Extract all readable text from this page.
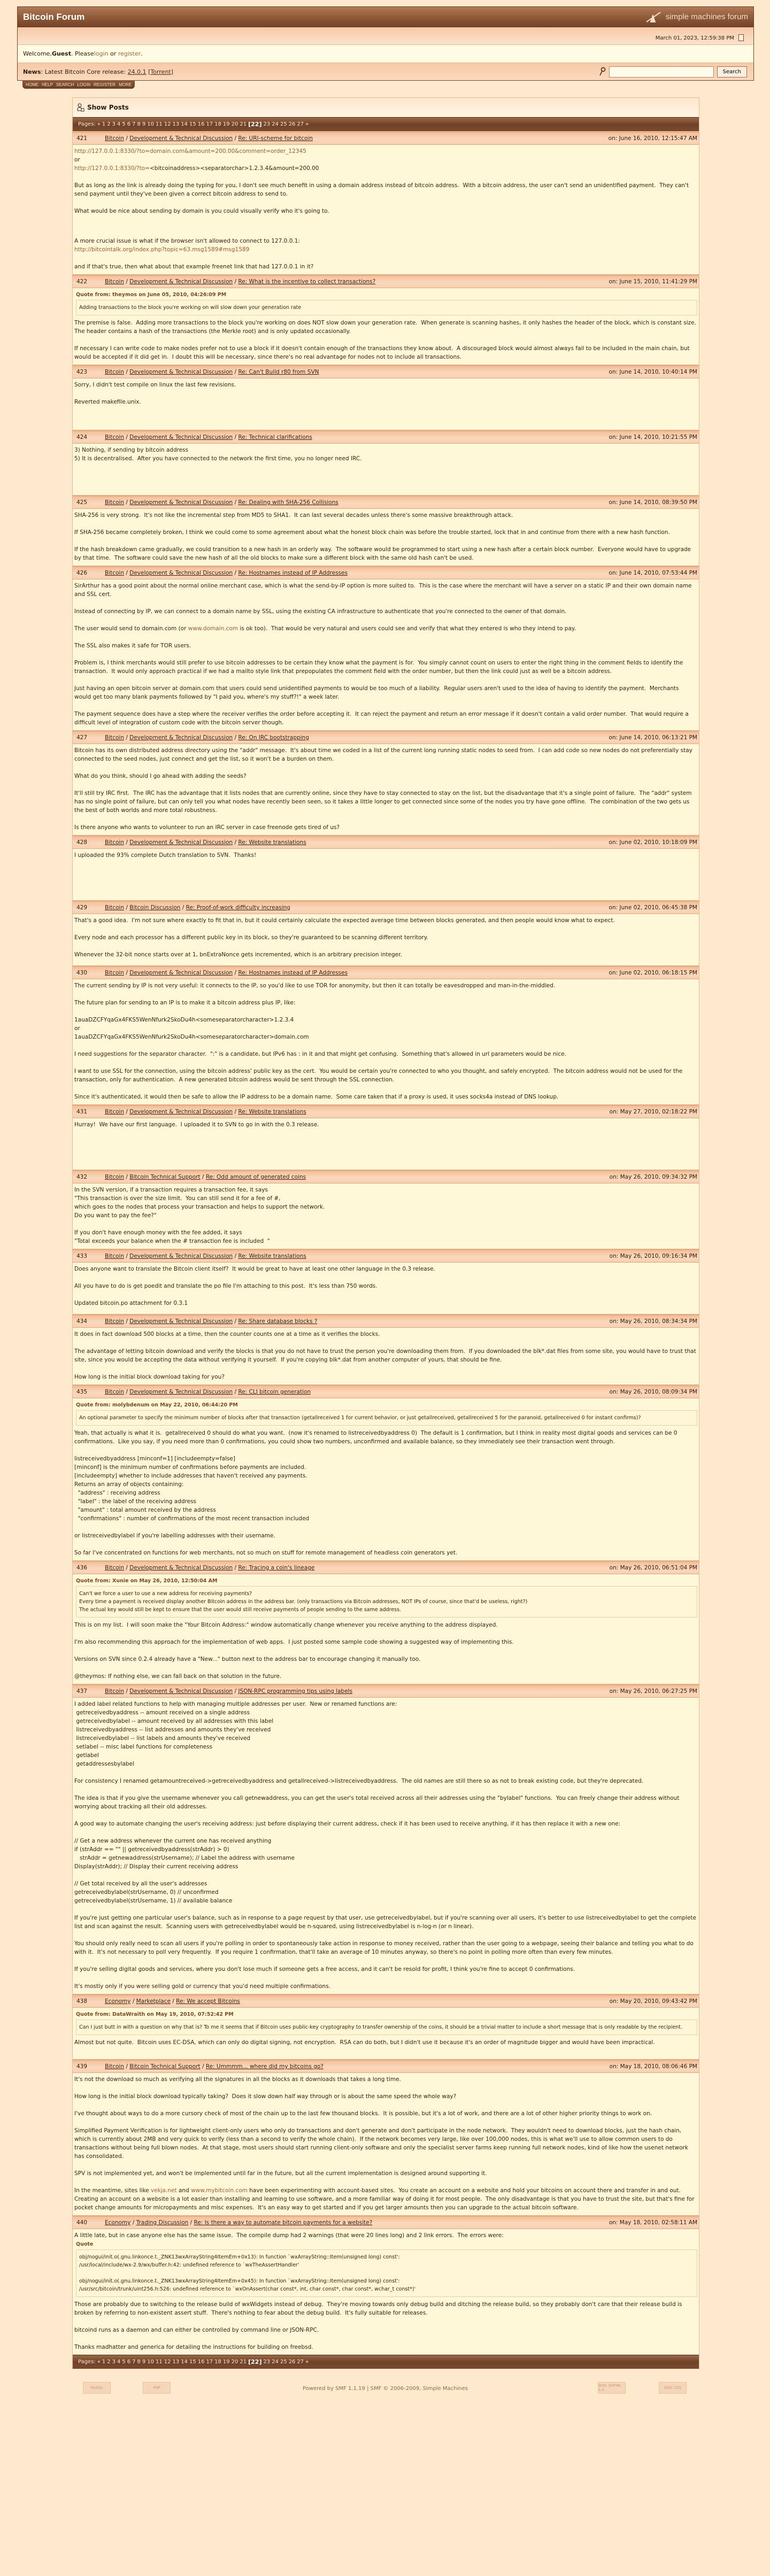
Bitcoin Forum	simple machines forum
March 01, 2023, 12:59:38 PM
Welcome, Guest . Please login or register .
News: Latest Bitcoin Core release: 24.0.1 [Torrent]	Search
HOME HELP SEARCH LOGIN REGISTER MORE
Show Posts
Pages: « 1 2 3 4 5 6 7 8 9 10 11 12 13 14 15 16 17 18 19 20 21 [22] 23 24 25 26 27 »
421	Bitcoin / Development & Technical Discussion / Re: URI-scheme for bitcoin	on: June 16, 2010, 12:15:47 AM

http://127.0.0.1:8330/?to=domain.com&amount=200.00&comment=order_12345
or
http://127.0.0.1:8330/?to=<bitcoinaddress><separatorchar>1.2.3.4&amount=200.00

But as long as the link is already doing the typing for you, I don't see much benefit in using a domain address instead of bitcoin address.  With a bitcoin address, the user can't send an unidentified payment.  They can't send payment until they've been given a correct bitcoin address to send to.

What would be nice about sending by domain is you could visually verify who it's going to.

A more crucial issue is what if the browser isn't allowed to connect to 127.0.0.1:
http://bitcointalk.org/index.php?topic=63.msg1589#msg1589

and if that's true, then what about that example freenet link that had 127.0.0.1 in it?

422	Bitcoin / Development & Technical Discussion / Re: What is the incentive to collect transactions?	on: June 15, 2010, 11:41:29 PM
Quote from: theymos on June 05, 2010, 04:26:09 PM
Adding transactions to the block you're working on will slow down your generation rate

The premise is false.  Adding more transactions to the block you're working on does NOT slow down your generation rate.  When generate is scanning hashes, it only hashes the header of the block, which is constant size.  The header contains a hash of the transactions (the Merkle root) and is only updated occasionally.

If necessary I can write code to make nodes prefer not to use a block if it doesn't contain enough of the transactions they know about.  A discouraged block would almost always fail to be included in the main chain, but would be accepted if it did get in.  I doubt this will be necessary, since there's no real advantage for nodes not to include all transactions.

423	Bitcoin / Development & Technical Discussion / Re: Can't Build r80 from SVN	on: June 14, 2010, 10:40:14 PM

Sorry, I didn't test compile on linux the last few revisions.

Reverted makefile.unix.

424	Bitcoin / Development & Technical Discussion / Re: Technical clarifications	on: June 14, 2010, 10:21:55 PM

3) Nothing, if sending by bitcoin address
5) It is decentralised.  After you have connected to the network the first time, you no longer need IRC.

425	Bitcoin / Development & Technical Discussion / Re: Dealing with SHA-256 Collisions	on: June 14, 2010, 08:39:50 PM

SHA-256 is very strong.  It's not like the incremental step from MD5 to SHA1.  It can last several decades unless there's some massive breakthrough attack.

If SHA-256 became completely broken, I think we could come to some agreement about what the honest block chain was before the trouble started, lock that in and continue from there with a new hash function.

If the hash breakdown came gradually, we could transition to a new hash in an orderly way.  The software would be programmed to start using a new hash after a certain block number.  Everyone would have to upgrade by that time.  The software could save the new hash of all the old blocks to make sure a different block with the same old hash can't be used.

426	Bitcoin / Development & Technical Discussion / Re: Hostnames instead of IP Addresses	on: June 14, 2010, 07:53:44 PM

SirArthur has a good point about the normal online merchant case, which is what the send-by-IP option is more suited to.  This is the case where the merchant will have a server on a static IP and their own domain name and SSL cert.

Instead of connecting by IP, we can connect to a domain name by SSL, using the existing CA infrastructure to authenticate that you're connected to the owner of that domain.

The user would send to domain.com (or www.domain.com is ok too).  That would be very natural and users could see and verify that what they entered is who they intend to pay.

The SSL also makes it safe for TOR users.

Problem is, I think merchants would still prefer to use bitcoin addresses to be certain they know what the payment is for.  You simply cannot count on users to enter the right thing in the comment fields to identify the transaction.  It would only approach practical if we had a mailto style link that prepopulates the comment field with the order number, but then the link could just as well be a bitcoin address.

Just having an open bitcoin server at domain.com that users could send unidentified payments to would be too much of a liability.  Regular users aren't used to the idea of having to identify the payment.  Merchants would get too many blank payments followed by "I paid you, where's my stuff?!" a week later.

The payment sequence does have a step where the receiver verifies the order before accepting it.  It can reject the payment and return an error message if it doesn't contain a valid order number.  That would require a difficult level of integration of custom code with the bitcoin server though.

427	Bitcoin / Development & Technical Discussion / Re: On IRC bootstrapping	on: June 14, 2010, 06:13:21 PM

Bitcoin has its own distributed address directory using the "addr" message.  It's about time we coded in a list of the current long running static nodes to seed from.  I can add code so new nodes do not preferentially stay connected to the seed nodes, just connect and get the list, so it won't be a burden on them.

What do you think, should I go ahead with adding the seeds?

It'll still try IRC first.  The IRC has the advantage that it lists nodes that are currently online, since they have to stay connected to stay on the list, but the disadvantage that it's a single point of failure.  The "addr" system has no single point of failure, but can only tell you what nodes have recently been seen, so it takes a little longer to get connected since some of the nodes you try have gone offline.  The combination of the two gets us the best of both worlds and more total robustness.

Is there anyone who wants to volunteer to run an IRC server in case freenode gets tired of us?

428	Bitcoin / Development & Technical Discussion / Re: Website translations	on: June 02, 2010, 10:18:09 PM

I uploaded the 93% complete Dutch translation to SVN.  Thanks!

429	Bitcoin / Bitcoin Discussion / Re: Proof-of-work difficulty increasing	on: June 02, 2010, 06:45:38 PM

That's a good idea.  I'm not sure where exactly to fit that in, but it could certainly calculate the expected average time between blocks generated, and then people would know what to expect.

Every node and each processor has a different public key in its block, so they're guaranteed to be scanning different territory.

Whenever the 32-bit nonce starts over at 1, bnExtraNonce gets incremented, which is an arbitrary precision integer.

430	Bitcoin / Development & Technical Discussion / Re: Hostnames instead of IP Addresses	on: June 02, 2010, 06:18:15 PM

The current sending by IP is not very useful: it connects to the IP, so you'd like to use TOR for anonymity, but then it can totally be eavesdropped and man-in-the-middled.

The future plan for sending to an IP is to make it a bitcoin address plus IP, like:

1auaDZCFYqaGx4FKS5WenNfurk2SkoDu4h<someseparatorcharacter>1.2.3.4
or
1auaDZCFYqaGx4FKS5WenNfurk2SkoDu4h<someseparatorcharacter>domain.com

I need suggestions for the separator character.  ":" is a candidate, but IPv6 has : in it and that might get confusing.  Something that's allowed in url parameters would be nice.

I want to use SSL for the connection, using the bitcoin address' public key as the cert.  You would be certain you're connected to who you thought, and safely encrypted.  The bitcoin address would not be used for the transaction, only for authentication.  A new generated bitcoin address would be sent through the SSL connection.

Since it's authenticated, it would then be safe to allow the IP address to be a domain name.  Some care taken that if a proxy is used, it uses socks4a instead of DNS lookup.

431	Bitcoin / Development & Technical Discussion / Re: Website translations	on: May 27, 2010, 02:18:22 PM

Hurray!  We have our first language.  I uploaded it to SVN to go in with the 0.3 release.

432	Bitcoin / Bitcoin Technical Support / Re: Odd amount of generated coins	on: May 26, 2010, 09:34:32 PM

In the SVN version, if a transaction requires a transaction fee, it says
"This transaction is over the size limit.  You can still send it for a fee of #,
which goes to the nodes that process your transaction and helps to support the network.
Do you want to pay the fee?"

If you don't have enough money with the fee added, it says
"Total exceeds your balance when the # transaction fee is included  "

433	Bitcoin / Development & Technical Discussion / Re: Website translations	on: May 26, 2010, 09:16:34 PM

Does anyone want to translate the Bitcoin client itself?  It would be great to have at least one other language in the 0.3 release.

All you have to do is get poedit and translate the po file I'm attaching to this post.  It's less than 750 words.

Updated bitcoin.po attachment for 0.3.1

434	Bitcoin / Development & Technical Discussion / Re: Share database blocks ?	on: May 26, 2010, 08:34:34 PM

It does in fact download 500 blocks at a time, then the counter counts one at a time as it verifies the blocks.

The advantage of letting bitcoin download and verify the blocks is that you do not have to trust the person you're downloading them from.  If you downloaded the blk*.dat files from some site, you would have to trust that site, since you would be accepting the data without verifying it yourself.  If you're copying blk*.dat from another computer of yours, that should be fine.

How long is the initial block download taking for you?

435	Bitcoin / Development & Technical Discussion / Re: CLI bitcoin generation	on: May 26, 2010, 08:09:34 PM
Quote from: molybdenum on May 22, 2010, 06:44:20 PM
An optional parameter to specify the minimum number of blocks after that transaction (getallreceived 1 for current behavior, or just getallreceived, getallreceived 5 for the paranoid, getallreceived 0 for instant confirms)?

Yeah, that actually is what it is.  getallreceived 0 should do what you want.  (now it's renamed to listreceivedbyaddress 0)  The default is 1 confirmation, but I think in reality most digital goods and services can be 0 confirmations.  Like you say, if you need more than 0 confirmations, you could show two numbers, unconfirmed and available balance, so they immediately see their transaction went through.

listreceivedbyaddress [minconf=1] [includeempty=false]
[minconf] is the minimum number of confirmations before payments are included.
[includeempty] whether to include addresses that haven't received any payments.
Returns an array of objects containing:
"address" : receiving address
"label" : the label of the receiving address
"amount" : total amount received by the address
"confirmations" : number of confirmations of the most recent transaction included

or listreceivedbylabel if you're labelling addresses with their username.

So far I've concentrated on functions for web merchants, not so much on stuff for remote management of headless coin generators yet.

436	Bitcoin / Development & Technical Discussion / Re: Tracing a coin's lineage	on: May 26, 2010, 06:51:04 PM
Quote from: Xunie on May 26, 2010, 12:50:04 AM
Can't we force a user to use a new address for receiving payments?
Every time a payment is received display another Bitcoin address in the address bar. (only transactions via Bitcoin addresses, NOT IPs of course, since that'd be useless, right?)
The actual key would still be kept to ensure that the user would still receive payments of people sending to the same address.

This is on my list.  I will soon make the "Your Bitcoin Address:" window automatically change whenever you receive anything to the address displayed.

I'm also recommending this approach for the implementation of web apps.  I just posted some sample code showing a suggested way of implementing this.

Versions on SVN since 0.2.4 already have a "New..." button next to the address bar to encourage changing it manually too.

@theymos: If nothing else, we can fall back on that solution in the future.

437	Bitcoin / Development & Technical Discussion / JSON-RPC programming tips using labels	on: May 26, 2010, 06:27:25 PM

I added label related functions to help with managing multiple addresses per user.  New or renamed functions are:
getreceivedbyaddress -- amount received on a single address
getreceivedbylabel -- amount received by all addresses with this label
listreceivedbyaddress -- list addresses and amounts they've received
listreceivedbylabel -- list labels and amounts they've received
setlabel -- misc label functions for completeness
getlabel
getaddressesbylabel

For consistency I renamed getamountreceived->getreceivedbyaddress and getallreceived->listreceivedbyaddress.  The old names are still there so as not to break existing code, but they're deprecated.

The idea is that if you give the username whenever you call getnewaddress, you can get the user's total received across all their addresses using the "bylabel" functions.  You can freely change their address without worrying about tracking all their old addresses.

A good way to automate changing the user's receiving address: just before displaying their current address, check if it has been used to receive anything, if it has then replace it with a new one:

// Get a new address whenever the current one has received anything
if (strAddr == "" || getreceivedbyaddress(strAddr) > 0)
strAddr = getnewaddress(strUsername); // Label the address with username
Display(strAddr); // Display their current receiving address

// Get total received by all the user's addresses
getreceivedbylabel(strUsername, 0) // unconfirmed
getreceivedbylabel(strUsername, 1) // available balance

If you're just getting one particular user's balance, such as in response to a page request by that user, use getreceivedbylabel, but if you're scanning over all users, it's better to use listreceivedbylabel to get the complete list and scan against the result.  Scanning users with getreceivedbylabel would be n-squared, using listreceivedbylabel is n-log-n (or n linear).

You should only really need to scan all users if you're polling in order to spontaneously take action in response to money received, rather than the user going to a webpage, seeing their balance and telling you what to do with it.  It's not necessary to poll very frequently.  If you require 1 confirmation, that'll take an average of 10 minutes anyway, so there's no point in polling more often than every few minutes.

If you're selling digital goods and services, where you don't lose much if someone gets a free access, and it can't be resold for profit, I think you're fine to accept 0 confirmations.

It's mostly only if you were selling gold or currency that you'd need multiple confirmations.

438	Economy / Marketplace / Re: We accept Bitcoins	on: May 20, 2010, 09:43:42 PM
Quote from: DataWraith on May 19, 2010, 07:52:42 PM
Can I just butt in with a question on why that is? To me it seems that if Bitcoin uses public-key cryptography to transfer ownership of the coins, it should be a trivial matter to include a short message that is only readable by the recipient.

Almost but not quite.  Bitcoin uses EC-DSA, which can only do digital signing, not encryption.  RSA can do both, but I didn't use it because it's an order of magnitude bigger and would have been impractical.

439	Bitcoin / Bitcoin Technical Support / Re: Ummmm... where did my bitcoins go?	on: May 18, 2010, 08:06:46 PM

It's not the download so much as verifying all the signatures in all the blocks as it downloads that takes a long time.

How long is the initial block download typically taking?  Does it slow down half way through or is about the same speed the whole way?

I've thought about ways to do a more cursory check of most of the chain up to the last few thousand blocks.  It is possible, but it's a lot of work, and there are a lot of other higher priority things to work on.

Simplified Payment Verification is for lightweight client-only users who only do transactions and don't generate and don't participate in the node network.  They wouldn't need to download blocks, just the hash chain, which is currently about 2MB and very quick to verify (less than a second to verify the whole chain).  If the network becomes very large, like over 100,000 nodes, this is what we'll use to allow common users to do transactions without being full blown nodes.  At that stage, most users should start running client-only software and only the specialist server farms keep running full network nodes, kind of like how the usenet network has consolidated.

SPV is not implemented yet, and won't be implemented until far in the future, but all the current implementation is designed around supporting it.

In the meantime, sites like vekja.net and www.mybitcoin.com have been experimenting with account-based sites.  You create an account on a website and hold your bitcoins on account there and transfer in and out.  Creating an account on a website is a lot easier than installing and learning to use software, and a more familiar way of doing it for most people.  The only disadvantage is that you have to trust the site, but that's fine for pocket change amounts for micropayments and misc expenses.  It's an easy way to get started and if you get larger amounts then you can upgrade to the actual bitcoin software.

440	Economy / Trading Discussion / Re: Is there a way to automate bitcoin payments for a website?	on: May 18, 2010, 02:58:11 AM

A little late, but in case anyone else has the same issue.  The compile dump had 2 warnings (that were 20 lines long) and 2 link errors.  The errors were:

Quote
obj/nogui/init.o(.gnu.linkonce.t._ZNK13wxArrayString4ItemEm+0x13): In function `wxArrayString::Item(unsigned long) const':
/usr/local/include/wx-2.9/wx/buffer.h:42: undefined reference to `wxTheAssertHandler'
obj/nogui/init.o(.gnu.linkonce.t._ZNK13wxArrayString4ItemEm+0x45): In function `wxArrayString::Item(unsigned long) const':
/usr/src/bitcoin/trunk/uint256.h:526: undefined reference to `wxOnAssert(char const*, int, char const*, char const*, wchar_t const*)'

Those are probably due to switching to the release build of wxWidgets instead of debug.  They're moving towards only debug build and ditching the release build, so they probably don't care that their release build is broken by referring to non-existent assert stuff.  There's nothing to fear about the debug build.  It's fully suitable for releases.

bitcoind runs as a daemon and can either be controlled by command line or JSON-RPC.

Thanks madhatter and generica for detailing the instructions for building on freebsd.

Pages: « 1 2 3 4 5 6 7 8 9 10 11 12 13 14 15 16 17 18 19 20 21 [22] 23 24 25 26 27 »
MySQL	PHP	Powered by SMF 1.1.19 | SMF © 2006-2009, Simple Machines	W3C XHTML 1.0	W3C CSS
